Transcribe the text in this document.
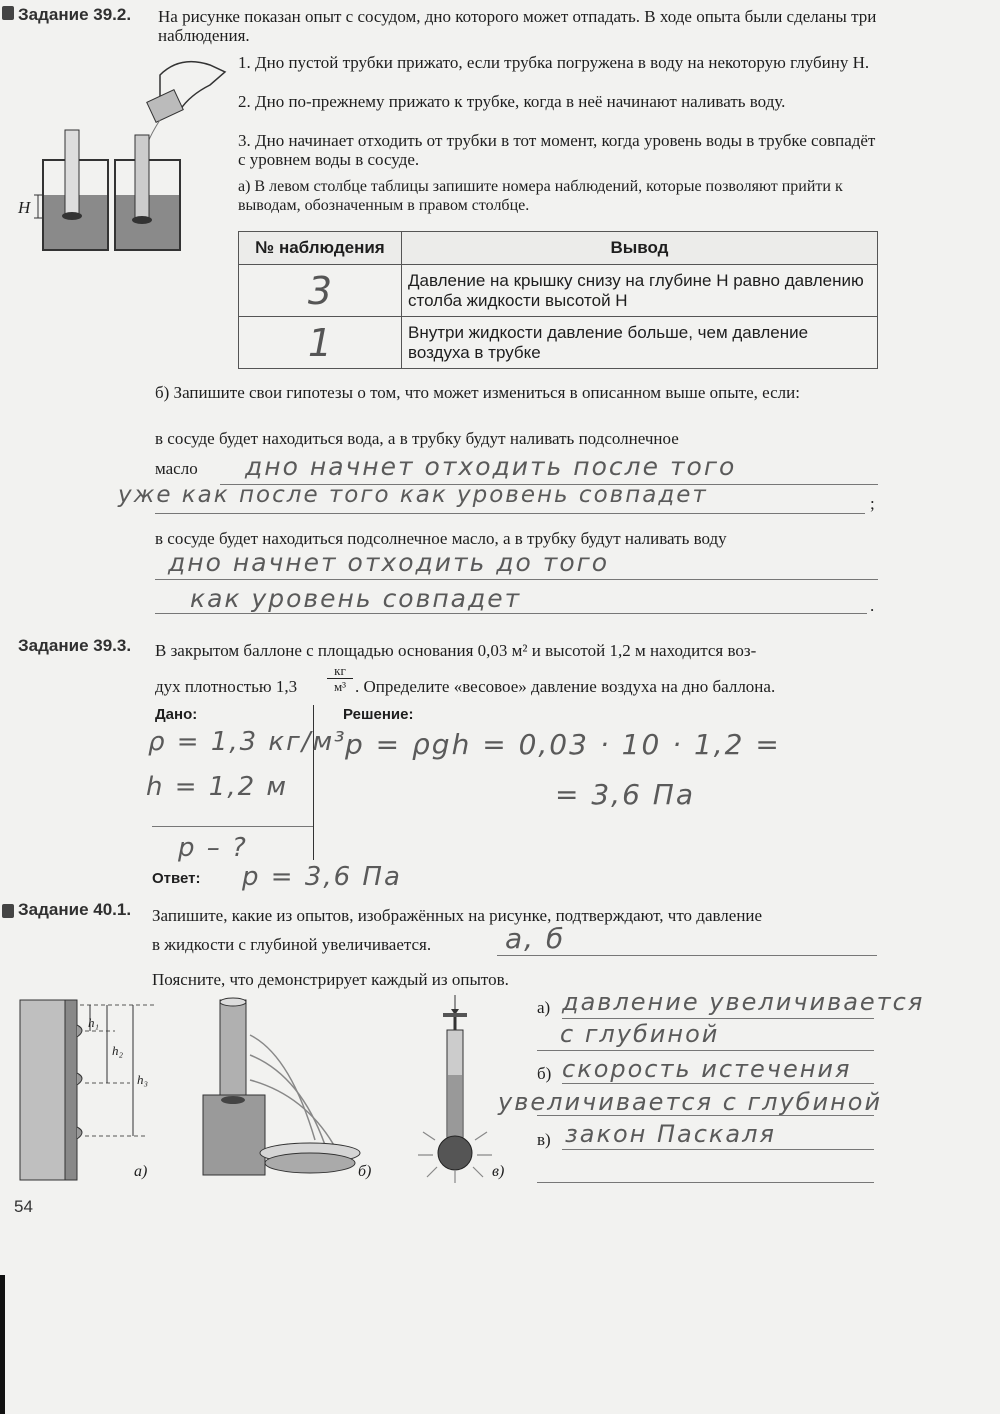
Задание 39.2. На рисунке показан опыт с сосудом, дно которого может отпадать. В ходе опыта были сделаны три наблюдения.
H
1. Дно пустой трубки прижато, если трубка погружена в воду на некоторую глубину H.
2. Дно по-прежнему прижато к трубке, когда в неё начинают наливать воду.
3. Дно начинает отходить от трубки в тот момент, когда уровень воды в трубке совпадёт с уровнем воды в сосуде.
а) В левом столбце таблицы запишите номера наблюдений, которые позволяют прийти к выводам, обозначенным в правом столбце.
№ наблюдения	Вывод
3	Давление на крышку снизу на глубине H равно давлению столба жидкости высотой H
1	Внутри жидкости давление больше, чем давление воздуха в трубке
б) Запишите свои гипотезы о том, что может измениться в описанном выше опыте, если:
в сосуде будет находиться вода, а в трубку будут наливать подсолнечное
масло дно начнет отходить после того
уже как после того как уровень совпадет	;
в сосуде будет находиться подсолнечное масло, а в трубку будут наливать воду
дно начнет отходить до того
как уровень совпадет	.
Задание 39.3. В закрытом баллоне с площадью основания 0,03 м² и высотой 1,2 м находится воз-
дух плотностью 1,3
кг
м³ . Определите «весовое» давление воздуха на дно баллона.
Дано:	Решение:
ρ = 1,3 кг/м³
h = 1,2 м
p – ?
p = ρgh = 0,03 · 10 · 1,2 =
= 3,6 Па
Ответ: p = 3,6 Па
Задание 40.1. Запишите, какие из опытов, изображённых на рисунке, подтверждают, что давление
в жидкости с глубиной увеличивается.	а, б
Поясните, что демонстрирует каждый из опытов.
h₁
h₂
h₃
а)	б)	в)
а) давление увеличивается
с глубиной
б) скорость истечения
увеличивается с глубиной
в) закон Паскаля
54
